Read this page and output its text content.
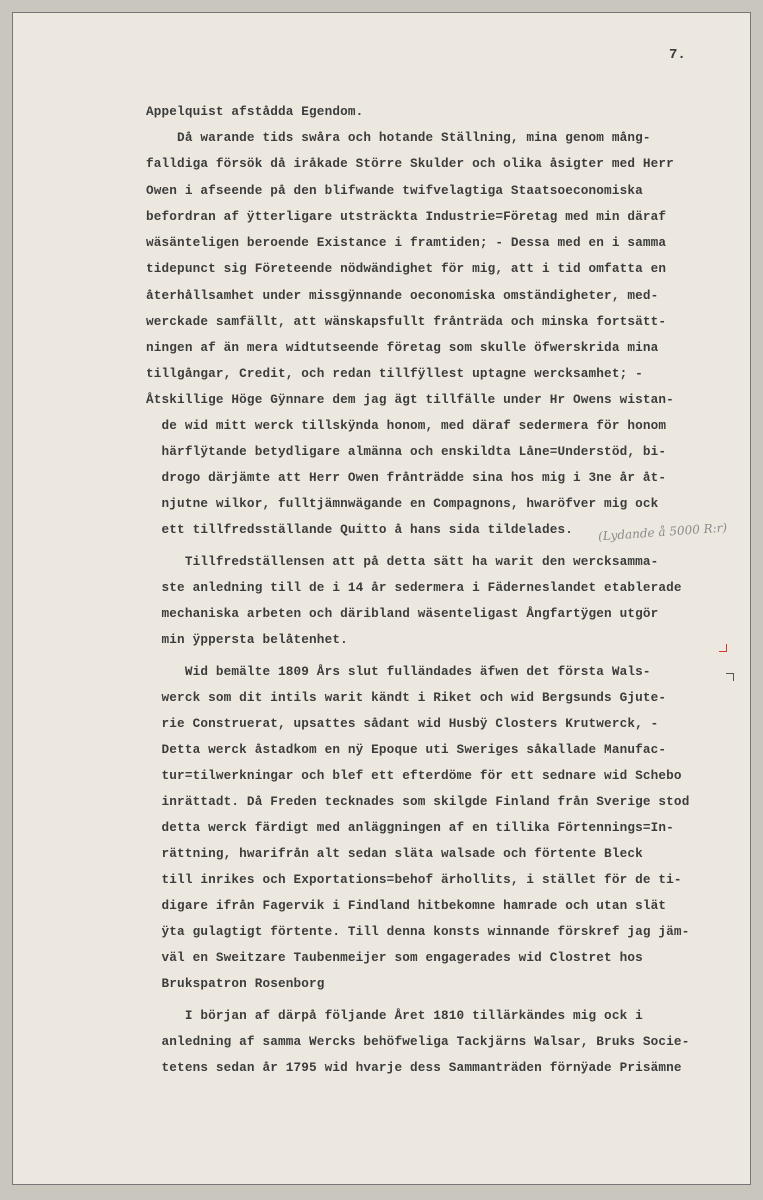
7.
Appelquist afstådda Egendom.
Då warande tids swåra och hotande Ställning, mina genom mång-
falldiga försök då iråkade Större Skulder och olika åsigter med Herr
Owen i afseende på den blifwande twifvelagtiga Staatsoeconomiska
befordran af ÿtterligare utsträckta Industrie=Företag med min däraf
wäsänteligen beroende Existance i framtiden; - Dessa med en i samma
tidepunct sig Företeende nödwändighet för mig, att i tid omfatta en
återhållsamhet under missgÿnnande oeconomiska omständigheter, med-
werckade samfällt, att wänskapsfullt frånträda och minska fortsätt-
ningen af än mera widtutseende företag som skulle öfwerskrida mina
tillgångar, Credit, och redan tillfÿllest uptagne wercksamhet; -
Åtskillige Höge Gÿnnare dem jag ägt tillfälle under Hr Owens wistan-
de wid mitt werck tillskÿnda honom, med däraf sedermera för honom
härflÿtande betydligare almänna och enskildta Låne=Understöd, bi-
drogo därjämte att Herr Owen frånträdde sina hos mig i 3ne år åt-
njutne wilkor, fulltjämnwägande en Compagnons, hwaröfver mig ock
ett tillfredsställande Quitto å hans sida tildelades.
Tillfredställensen att på detta sätt ha warit den wercksamma-
ste anledning till de i 14 år sedermera i Fäderneslandet etablerade
mechaniska arbeten och däribland wäsenteligast Ångfartÿgen utgör
min ÿppersta belåtenhet.
Wid bemälte 1809 Års slut fulländades äfwen det första Wals-
werck som dit intils warit kändt i Riket och wid Bergsunds Gjute-
rie Construerat, upsattes sådant wid Husbÿ Closters Krutwerck, -
Detta werck åstadkom en nÿ Epoque uti Sweriges såkallade Manufac-
tur=tilwerkningar och blef ett efterdöme för ett sednare wid Schebo
inrättadt. Då Freden tecknades som skilgde Finland från Sverige stod
detta werck färdigt med anläggningen af en tillika Förtennings=In-
rättning, hwarifrån alt sedan släta walsade och förtente Bleck
till inrikes och Exportations=behof ärhollits, i stället för de ti-
digare ifrån Fagervik i Findland hitbekomne hamrade och utan slät
ÿta gulagtigt förtente. Till denna konsts winnande förskref jag jäm-
väl en Sweitzare Taubenmeijer som engagerades wid Clostret hos
Brukspatron Rosenborg
I början af därpå följande Året 1810 tillärkändes mig ock i
anledning af samma Wercks behöfweliga Tackjärns Walsar, Bruks Socie-
tetens sedan år 1795 wid hvarje dess Sammanträden förnÿade Prisämne
(Lydande å 5000 R:r)
